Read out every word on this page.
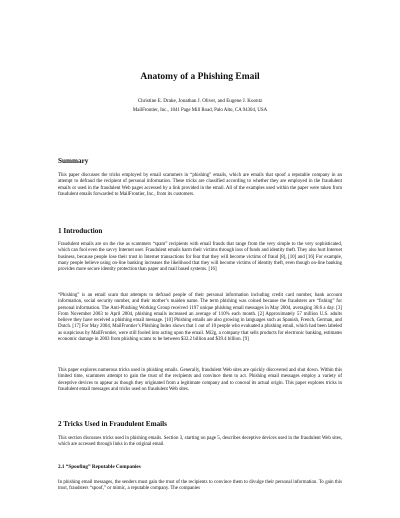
Anatomy of a Phishing Email
Christine E. Drake, Jonathan J. Oliver, and Eugene J. Koontz
MailFrontier, Inc., 1841 Page Mill Road, Palo Alto, CA 94304, USA
Summary
This paper discusses the tricks employed by email scammers in “phishing” emails, which are emails that spoof a reputable company in an attempt to defraud the recipient of personal information. These tricks are classified according to whether they are employed in the fraudulent emails or used in the fraudulent Web pages accessed by a link provided in the email. All of the examples used within the paper were taken from fraudulent emails forwarded to MailFrontier, Inc., from its customers.
1 Introduction
Fraudulent emails are on the rise as scammers “spam” recipients with email frauds that range from the very simple to the very sophisticated, which can fool even the savvy Internet user. Fraudulent emails harm their victims through loss of funds and identity theft. They also hurt Internet business, because people lose their trust in Internet transactions for fear that they will become victims of fraud [8], [10] and [16] For example, many people believe using on-line banking increases the likelihood that they will become victims of identity theft, even though on-line banking provides more secure identity protection than paper and mail based systems. [16]
“Phishing” is an email scam that attempts to defraud people of their personal information including credit card number, bank account information, social security number, and their mother’s maiden name. The term phishing was coined because the fraudsters are “fishing” for personal information. The Anti-Phishing Working Group received 1197 unique phishing email messages in May 2004, averaging 38.6 a day. [3] From November 2003 to April 2004, phishing emails increased an average of 110% each month. [2] Approximately 57 million U.S. adults believe they have received a phishing email message. [10] Phishing emails are also growing in languages such as Spanish, French, German, and Dutch. [17] For May 2004, MailFrontier’s Phishing Index shows that 1 out of 10 people who evaluated a phishing email, which had been labeled as suspicious by MailFrontier, were still fooled into acting upon the email. Mi2g, a company that sells products for electronic banking, estimates economic damage in 2003 from phishing scams to be between $32.2 billion and $39.4 billion. [9]
This paper explores numerous tricks used in phishing emails. Generally, fraudulent Web sites are quickly discovered and shut down. Within this limited time, scammers attempt to gain the trust of the recipients and convince them to act. Phishing email messages employ a variety of deceptive devices to appear as though they originated from a legitimate company and to conceal its actual origin. This paper explores tricks in fraudulent email messages and tricks used on fraudulent Web sites.
2 Tricks Used in Fraudulent Emails
This section discusses tricks used in phishing emails. Section 3, starting on page 5, describes deceptive devices used in the fraudulent Web sites, which are accessed through links in the original email.
2.1 “Spoofing” Reputable Companies
In phishing email messages, the senders must gain the trust of the recipients to convince them to divulge their personal information. To gain this trust, fraudsters “spoof,” or mimic, a reputable company. The companies
